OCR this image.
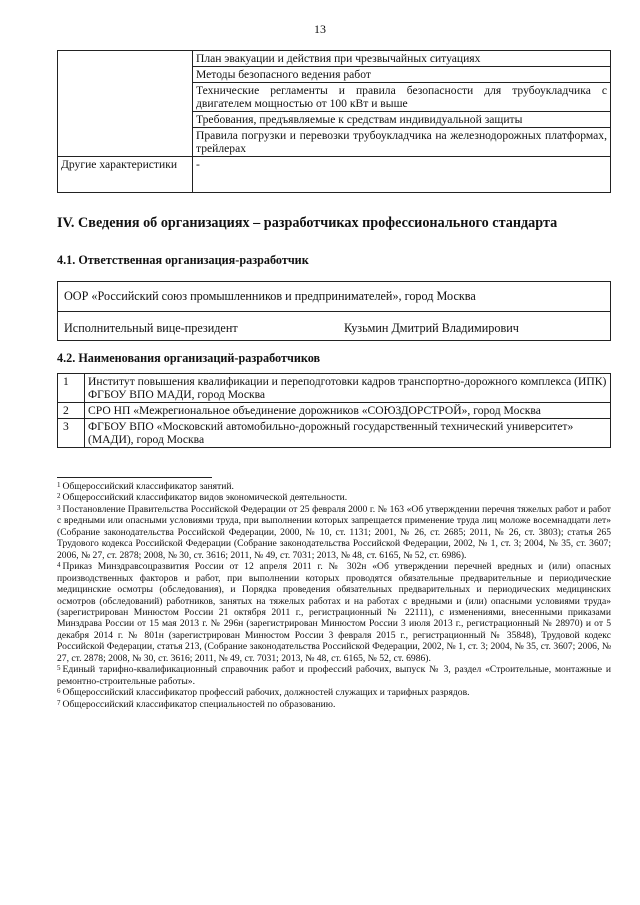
13
	План эвакуации и действия при чрезвычайных ситуациях
	Методы безопасного ведения работ
	Технические регламенты и правила безопасности для трубоукладчика с двигателем мощностью от 100 кВт и выше
	Требования, предъявляемые к средствам индивидуальной защиты
	Правила погрузки и перевозки трубоукладчика на железнодорожных платформах, трейлерах
Другие характеристики	-
IV. Сведения об организациях – разработчиках профессионального стандарта
4.1. Ответственная организация-разработчик
ООР «Российский союз промышленников и предпринимателей», город Москва
Исполнительный вице-президент	Кузьмин Дмитрий Владимирович
4.2. Наименования организаций-разработчиков
1	Институт повышения квалификации и переподготовки кадров транспортно-дорожного комплекса (ИПК) ФГБОУ ВПО МАДИ, город Москва
2	СРО НП «Межрегиональное объединение дорожников «СОЮЗДОРСТРОЙ», город Москва
3	ФГБОУ ВПО «Московский автомобильно-дорожный государственный технический университет» (МАДИ), город Москва

$^1$ Общероссийский классификатор занятий.

$^2$ Общероссийский классификатор видов экономической деятельности.

$^3$ Постановление Правительства Российской Федерации от 25 февраля 2000 г. № 163 «Об утверждении перечня тяжелых работ и работ с вредными или опасными условиями труда, при выполнении которых запрещается применение труда лиц моложе восемнадцати лет» (Собрание законодательства Российской Федерации, 2000, № 10, ст. 1131; 2001, № 26, ст. 2685; 2011, № 26, ст. 3803); статья 265 Трудового кодекса Российской Федерации (Собрание законодательства Российской Федерации, 2002, № 1, ст. 3; 2004, № 35, ст. 3607; 2006, № 27, ст. 2878; 2008, № 30, ст. 3616; 2011, № 49, ст. 7031; 2013, № 48, ст. 6165, № 52, ст. 6986).

$^4$ Приказ Минздравсоцразвития России от 12 апреля 2011 г. № 302н «Об утверждении перечней вредных и (или) опасных производственных факторов и работ, при выполнении которых проводятся обязательные предварительные и периодические медицинские осмотры (обследования), и Порядка проведения обязательных предварительных и периодических медицинских осмотров (обследований) работников, занятых на тяжелых работах и на работах с вредными и (или) опасными условиями труда» (зарегистрирован Минюстом России 21 октября 2011 г., регистрационный № 22111), с изменениями, внесенными приказами Минздрава России от 15 мая 2013 г. № 296н (зарегистрирован Минюстом России 3 июля 2013 г., регистрационный № 28970) и от 5 декабря 2014 г. № 801н (зарегистрирован Минюстом России 3 февраля 2015 г., регистрационный № 35848), Трудовой кодекс Российской Федерации, статья 213, (Собрание законодательства Российской Федерации, 2002, № 1, ст. 3; 2004, № 35, ст. 3607; 2006, № 27, ст. 2878; 2008, № 30, ст. 3616; 2011, № 49, ст. 7031; 2013, № 48, ст. 6165, № 52, ст. 6986).

$^5$ Единый тарифно-квалификационный справочник работ и профессий рабочих, выпуск № 3, раздел «Строительные, монтажные и ремонтно-строительные работы».

$^6$ Общероссийский классификатор профессий рабочих, должностей служащих и тарифных разрядов.

$^7$ Общероссийский классификатор специальностей по образованию.
